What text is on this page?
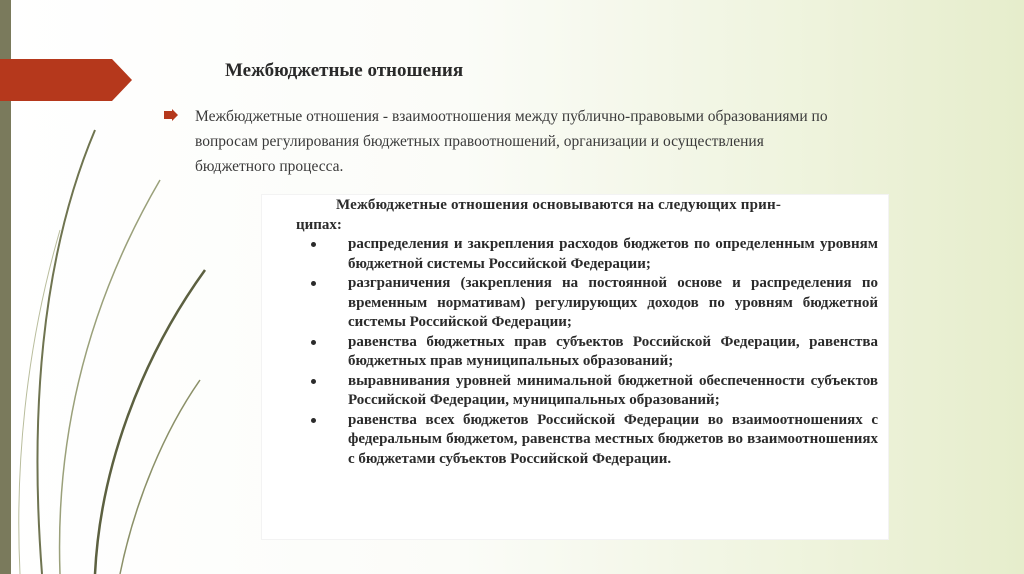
Межбюджетные отношения
Межбюджетные отношения - взаимоотношения между публично-правовыми образованиями по вопросам регулирования бюджетных правоотношений, организации и осуществления бюджетного процесса.
Межбюджетные отношения основываются на следующих прин-
ципах:
распределения и закрепления расходов бюджетов по определенным уровням бюджетной системы Российской Федерации;
разграничения (закрепления на постоянной основе и распределения по временным нормативам) регулирующих доходов по уровням бюджетной системы Российской Федерации;
равенства бюджетных прав субъектов Российской Федерации, равенства бюджетных прав муниципальных образований;
выравнивания уровней минимальной бюджетной обеспеченности субъектов Российской Федерации, муниципальных образований;
равенства всех бюджетов Российской Федерации во взаимоотношениях с федеральным бюджетом, равенства местных бюджетов во взаимоотношениях с бюджетами субъектов Российской Федерации.
